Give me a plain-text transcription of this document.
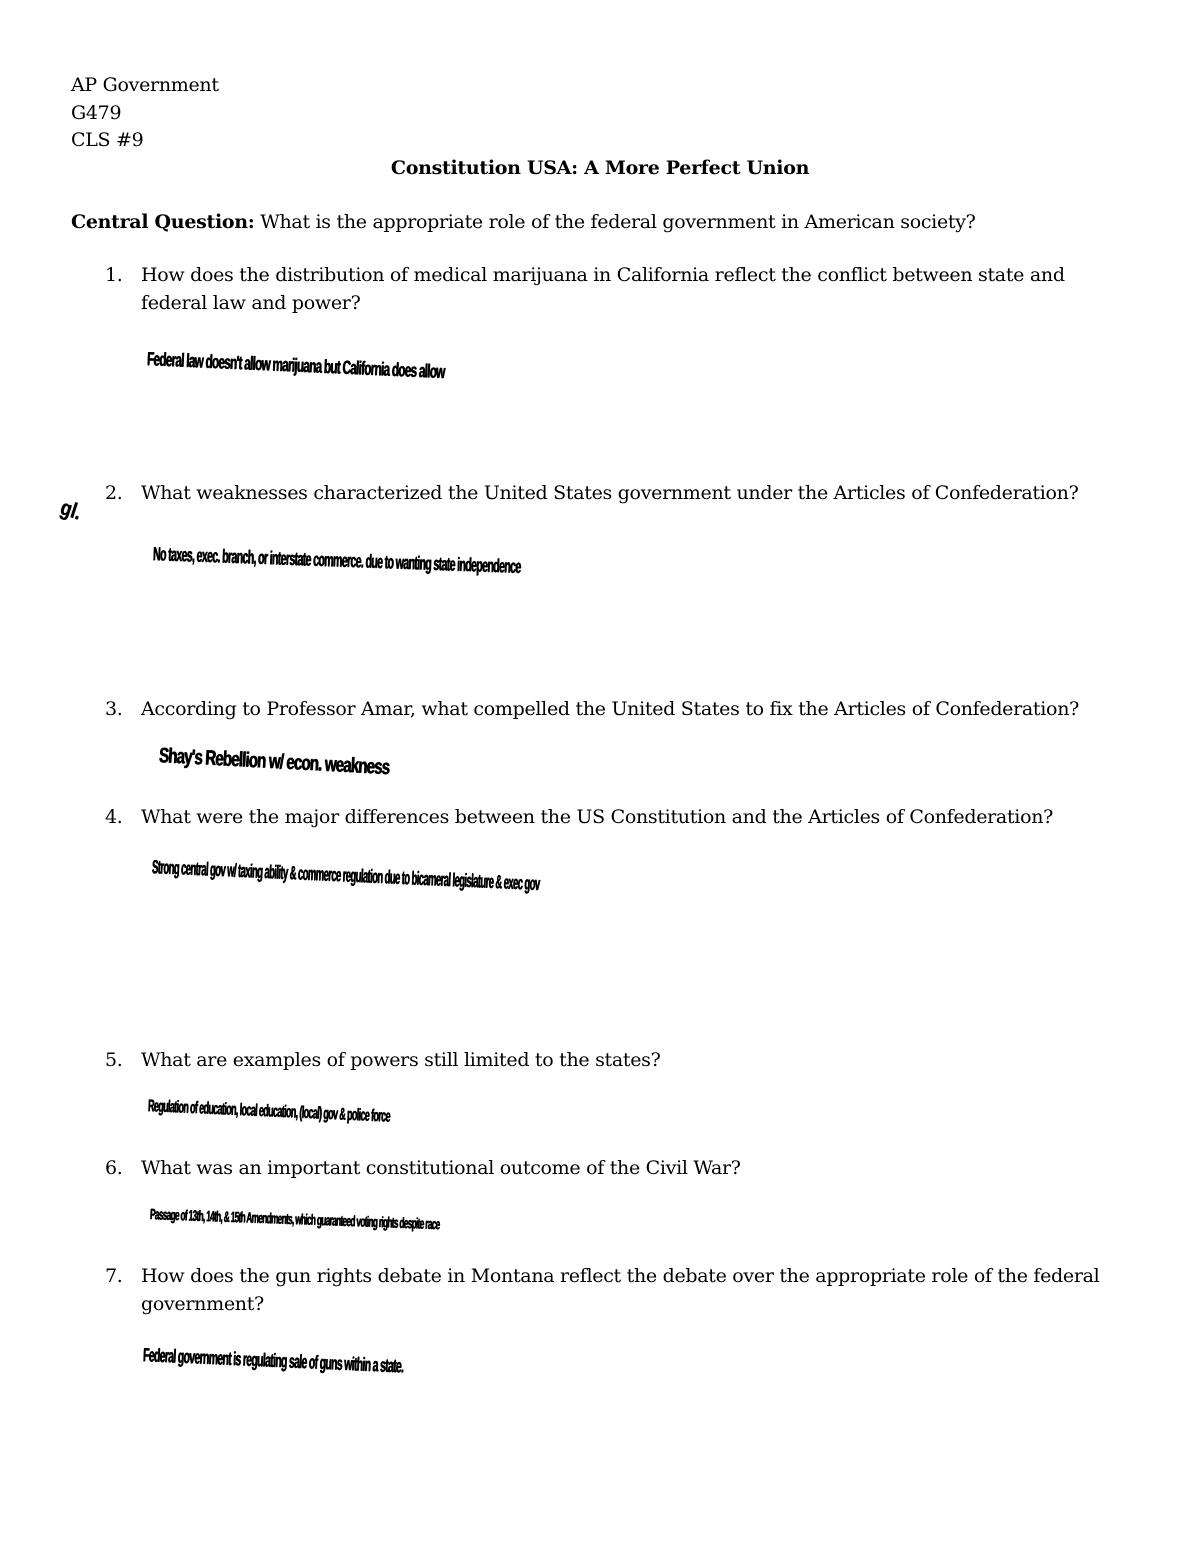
AP Government
G479
CLS #9
Constitution USA: A More Perfect Union
Central Question: What is the appropriate role of the federal government in American society?
1. How does the distribution of medical marijuana in California reflect the conflict between state and federal law and power?
Federal law doesn't allow marijuana but California does allow
gl.
2. What weaknesses characterized the United States government under the Articles of Confederation?
No taxes, exec. branch, or interstate commerce. due to wanting state independence
3. According to Professor Amar, what compelled the United States to fix the Articles of Confederation?
Shay's Rebellion w/ econ. weakness
4. What were the major differences between the US Constitution and the Articles of Confederation?
Strong central gov w/ taxing ability & commerce regulation due to bicameral legislature & exec gov
5. What are examples of powers still limited to the states?
Regulation of education, local education, (local) gov & police force
6. What was an important constitutional outcome of the Civil War?
Passage of 13th, 14th, & 15th Amendments, which guaranteed voting rights despite race
7. How does the gun rights debate in Montana reflect the debate over the appropriate role of the federal government?
Federal government is regulating sale of guns within a state.
